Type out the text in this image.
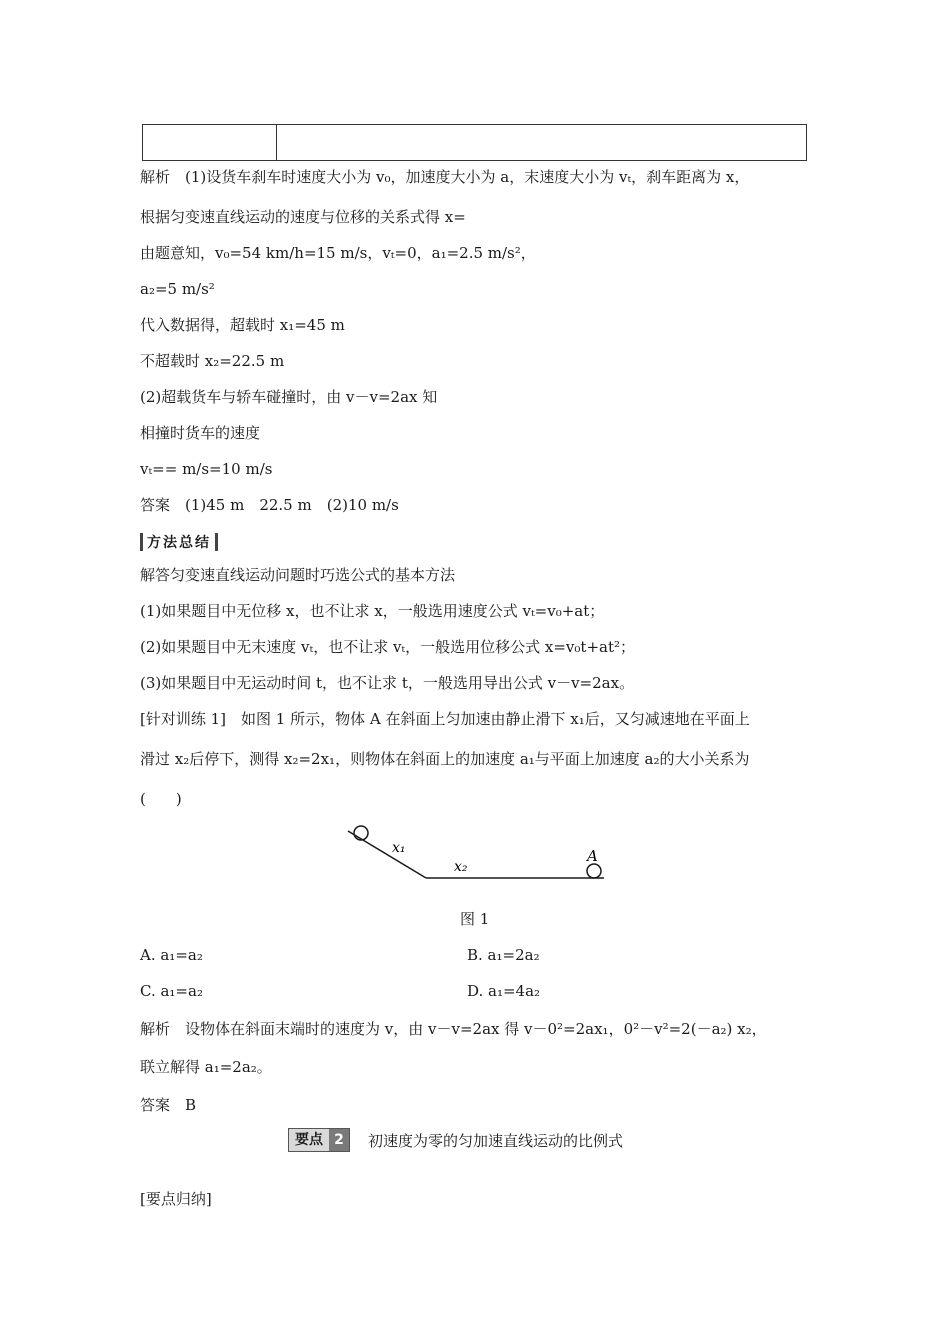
解析　(1)设货车刹车时速度大小为 v₀，加速度大小为 a，末速度大小为 vₜ，刹车距离为 x，
根据匀变速直线运动的速度与位移的关系式得 x=
由题意知，v₀=54 km/h=15 m/s，vₜ=0，a₁=2.5 m/s²，
a₂=5 m/s²
代入数据得，超载时 x₁=45 m
不超载时 x₂=22.5 m
(2)超载货车与轿车碰撞时，由 v－v=2ax 知
相撞时货车的速度
vₜ== m/s=10 m/s
答案　(1)45 m　22.5 m　(2)10 m/s
方法总结
解答匀变速直线运动问题时巧选公式的基本方法
(1)如果题目中无位移 x，也不让求 x，一般选用速度公式 vₜ=v₀+at；
(2)如果题目中无末速度 vₜ，也不让求 vₜ，一般选用位移公式 x=v₀t+at²；
(3)如果题目中无运动时间 t，也不让求 t，一般选用导出公式 v－v=2ax。
[针对训练 1]　如图 1 所示，物体 A 在斜面上匀加速由静止滑下 x₁后，又匀减速地在平面上
滑过 x₂后停下，测得 x₂=2x₁，则物体在斜面上的加速度 a₁与平面上加速度 a₂的大小关系为
(　　)
x₁
x₂
A
图 1
A. a₁=a₂	B. a₁=2a₂
C. a₁=a₂	D. a₁=4a₂
解析　设物体在斜面末端时的速度为 v，由 v－v=2ax 得 v－0²=2ax₁，0²－v²=2(－a₂) x₂，
联立解得 a₁=2a₂。
答案　B
要点 2	初速度为零的匀加速直线运动的比例式
[要点归纳]
